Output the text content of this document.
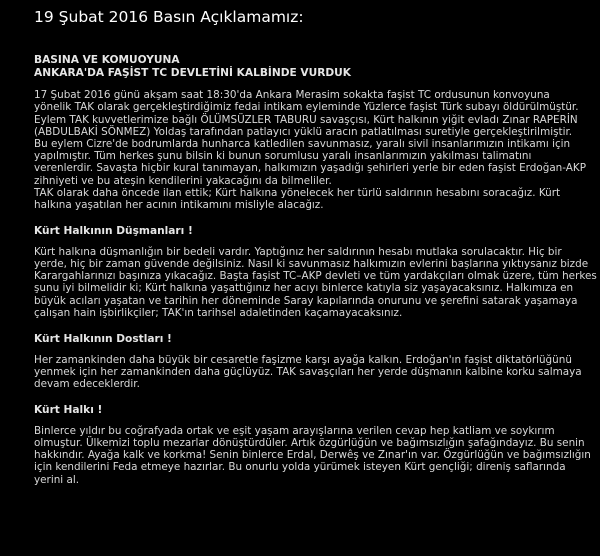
19 Şubat 2016 Basın Açıklamamız:
BASINA VE KOMUOYUNA
ANKARA'DA FAŞİST TC DEVLETİNİ KALBİNDE VURDUK
17 Şubat 2016 günü akşam saat 18:30'da Ankara Merasim sokakta faşist TC ordusunun konvoyuna
yönelik TAK olarak gerçekleştirdiğimiz fedai intikam eyleminde Yüzlerce faşist Türk subayı öldürülmüştür.
Eylem TAK kuvvetlerimize bağlı ÖLÜMSÜZLER TABURU savaşçısı, Kürt halkının yiğit evladı Zınar RAPERİN
(ABDULBAKİ SÖNMEZ) Yoldaş tarafından patlayıcı yüklü aracın patlatılması suretiyle gerçekleştirilmiştir.
Bu eylem Cizre'de bodrumlarda hunharca katledilen savunmasız, yaralı sivil insanlarımızın intikamı için
yapılmıştır. Tüm herkes şunu bilsin ki bunun sorumlusu yaralı insanlarımızın yakılması talimatını
verenlerdir. Savaşta hiçbir kural tanımayan, halkımızın yaşadığı şehirleri yerle bir eden faşist Erdoğan-AKP
zihniyeti ve bu ateşin kendilerini yakacağını da bilmeliler.
TAK olarak daha öncede ilan ettik; Kürt halkına yönelecek her türlü saldırının hesabını soracağız. Kürt
halkına yaşatılan her acının intikamını misliyle alacağız.
Kürt Halkının Düşmanları !
Kürt halkına düşmanlığın bir bedeli vardır. Yaptığınız her saldırının hesabı mutlaka sorulacaktır. Hiç bir
yerde, hiç bir zaman güvende değilsiniz. Nasıl ki savunmasız halkımızın evlerini başlarına yıktıysanız bizde
Karargahlarınızı başınıza yıkacağız. Başta faşist TC–AKP devleti ve tüm yardakçıları olmak üzere, tüm herkes
şunu iyi bilmelidir ki; Kürt halkına yaşattığınız her acıyı binlerce katıyla siz yaşayacaksınız. Halkımıza en
büyük acıları yaşatan ve tarihin her döneminde Saray kapılarında onurunu ve şerefini satarak yaşamaya
çalışan hain işbirlikçiler; TAK'ın tarihsel adaletinden kaçamayacaksınız.
Kürt Halkının Dostları !
Her zamankinden daha büyük bir cesaretle faşizme karşı ayağa kalkın. Erdoğan'ın faşist diktatörlüğünü
yenmek için her zamankinden daha güçlüyüz. TAK savaşçıları her yerde düşmanın kalbine korku salmaya
devam edeceklerdir.
Kürt Halkı !
Binlerce yıldır bu coğrafyada ortak ve eşit yaşam arayışlarına verilen cevap hep katliam ve soykırım
olmuştur. Ülkemizi toplu mezarlar dönüştürdüler. Artık özgürlüğün ve bağımsızlığın şafağındayız. Bu senin
hakkındır. Ayağa kalk ve korkma! Senin binlerce Erdal, Derwêş ve Zınar'ın var. Özgürlüğün ve bağımsızlığın
için kendilerini Feda etmeye hazırlar. Bu onurlu yolda yürümek isteyen Kürt gençliği; direniş saflarında
yerini al.
